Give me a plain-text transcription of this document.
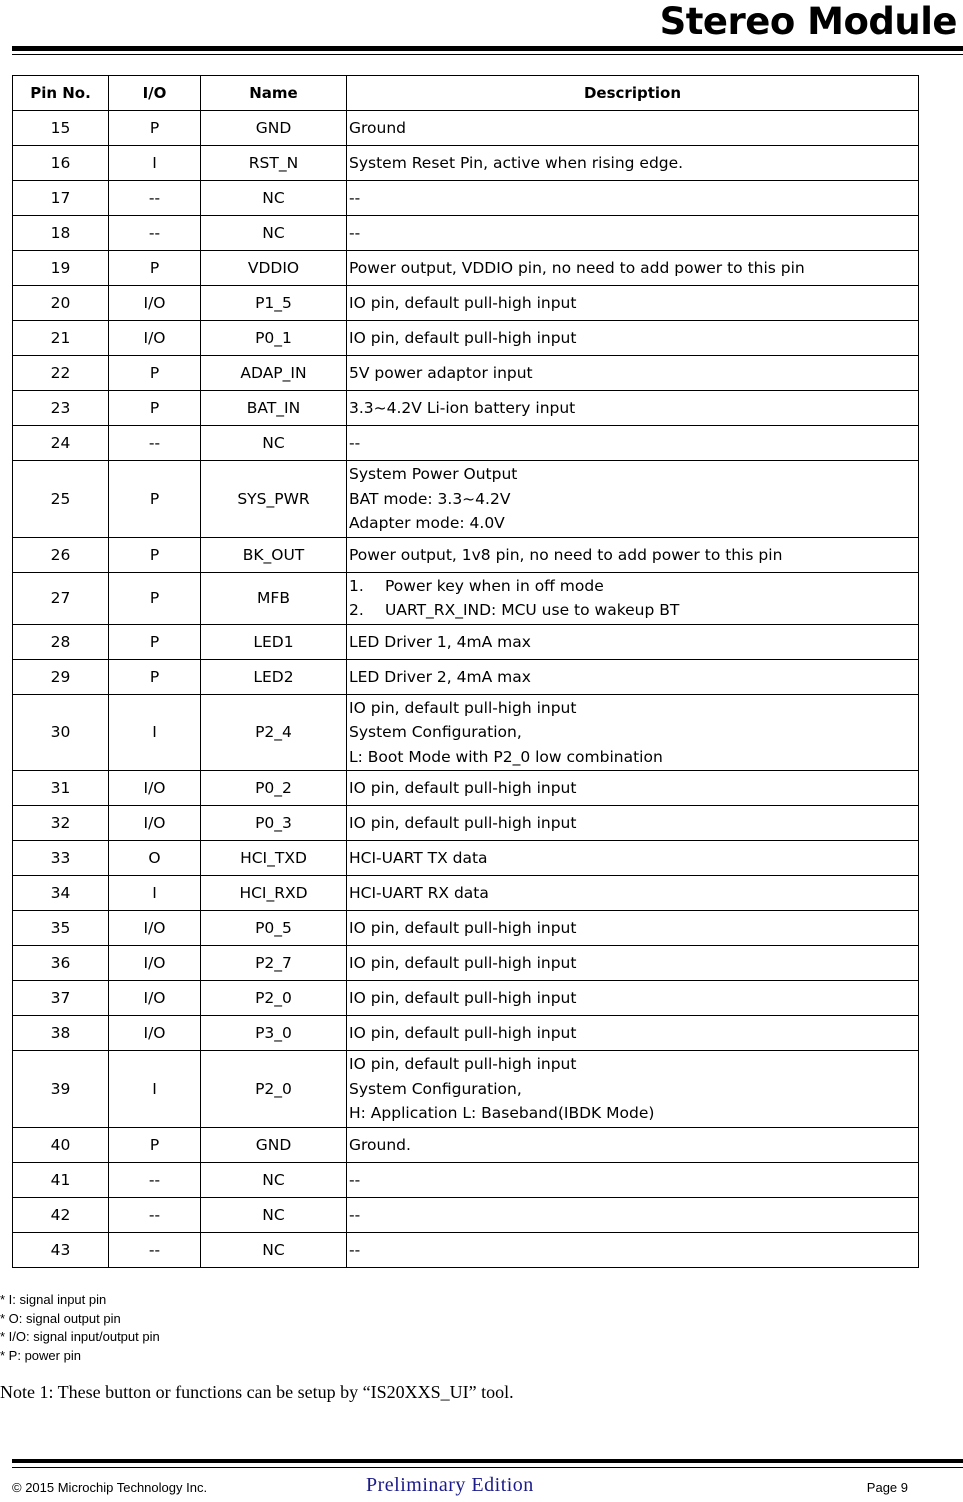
Stereo Module
Pin No.	I/O	Name	Description
15	P	GND	Ground

16	I	RST_N	System Reset Pin, active when rising edge.

17	--	NC	--

18	--	NC	--

19	P	VDDIO	Power output, VDDIO pin, no need to add power to this pin

20	I/O	P1_5	IO pin, default pull-high input

21	I/O	P0_1	IO pin, default pull-high input

22	P	ADAP_IN	5V power adaptor input

23	P	BAT_IN	3.3~4.2V Li-ion battery input

24	--	NC	--

25	P	SYS_PWR	System Power Output
BAT mode: 3.3~4.2V
Adapter mode: 4.0V

26	P	BK_OUT	Power output, 1v8 pin, no need to add power to this pin

27	P	MFB	1. Power key when in off mode
2. UART_RX_IND: MCU use to wakeup BT

28	P	LED1	LED Driver 1, 4mA max

29	P	LED2	LED Driver 2, 4mA max

30	I	P2_4	IO pin, default pull-high input
System Configuration,
L: Boot Mode with P2_0 low combination

31	I/O	P0_2	IO pin, default pull-high input

32	I/O	P0_3	IO pin, default pull-high input

33	O	HCI_TXD	HCI-UART TX data

34	I	HCI_RXD	HCI-UART RX data

35	I/O	P0_5	IO pin, default pull-high input

36	I/O	P2_7	IO pin, default pull-high input

37	I/O	P2_0	IO pin, default pull-high input

38	I/O	P3_0	IO pin, default pull-high input

39	I	P2_0	IO pin, default pull-high input
System Configuration,
H: Application L: Baseband(IBDK Mode)

40	P	GND	Ground.

41	--	NC	--

42	--	NC	--

43	--	NC	--
* I: signal input pin
* O: signal output pin
* I/O: signal input/output pin
* P: power pin
Note 1: These button or functions can be setup by “IS20XXS_UI” tool.
© 2015 Microchip Technology Inc.	Preliminary Edition	Page 9
